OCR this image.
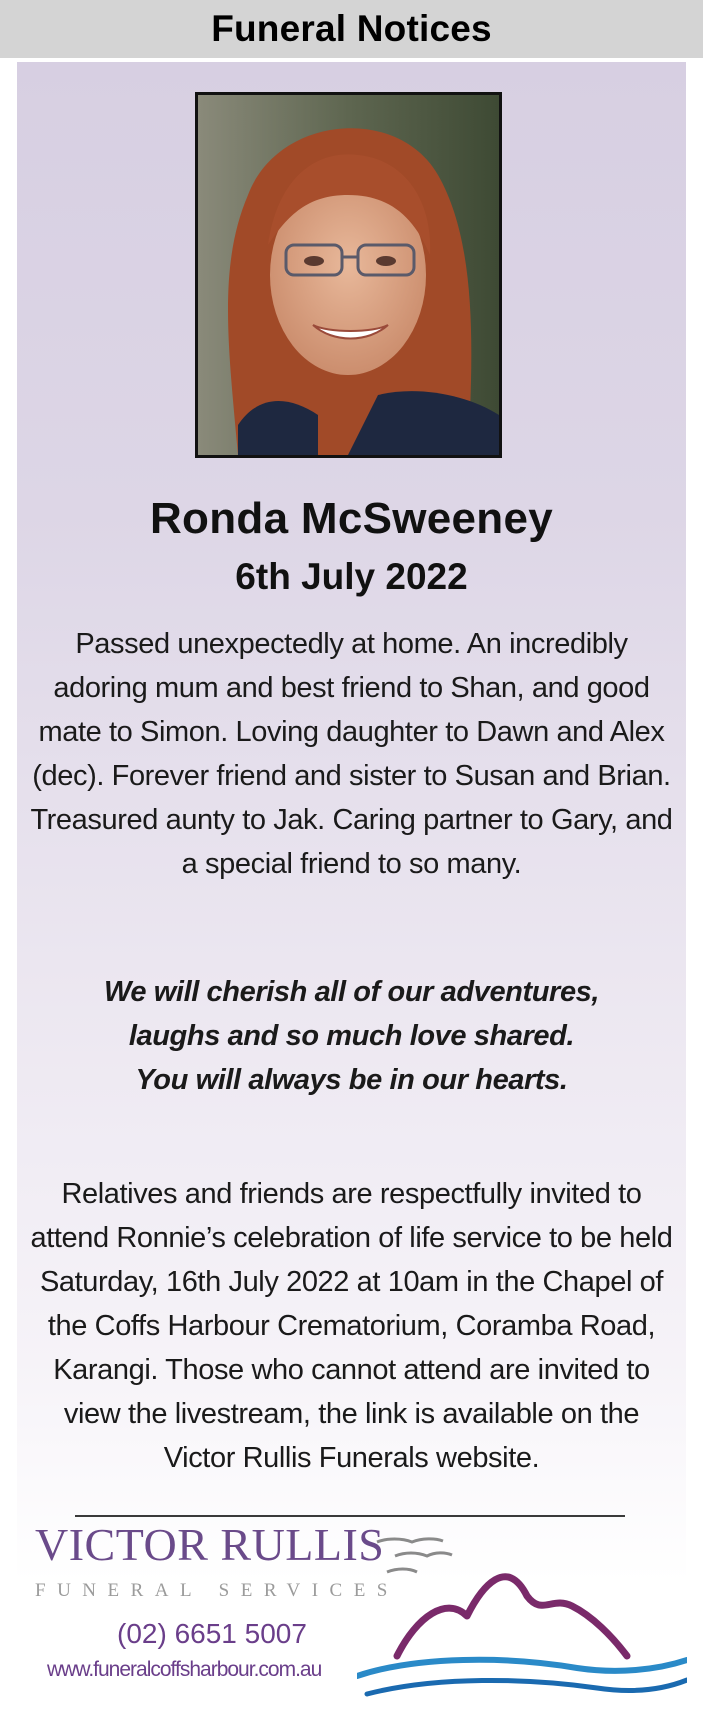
Funeral Notices
Ronda McSweeney
6th July 2022
Passed unexpectedly at home. An incredibly adoring mum and best friend to Shan, and good mate to Simon. Loving daughter to Dawn and Alex (dec). Forever friend and sister to Susan and Brian. Treasured aunty to Jak. Caring partner to Gary, and a special friend to so many.
We will cherish all of our adventures,
laughs and so much love shared.
You will always be in our hearts.
Relatives and friends are respectfully invited to attend Ronnie’s celebration of life service to be held Saturday, 16th July 2022 at 10am in the Chapel of the Coffs Harbour Crematorium, Coramba Road, Karangi. Those who cannot attend are invited to view the livestream, the link is available on the Victor Rullis Funerals website.
VICTOR RULLIS
FUNERAL SERVICES
(02) 6651 5007
www.funeralcoffsharbour.com.au
